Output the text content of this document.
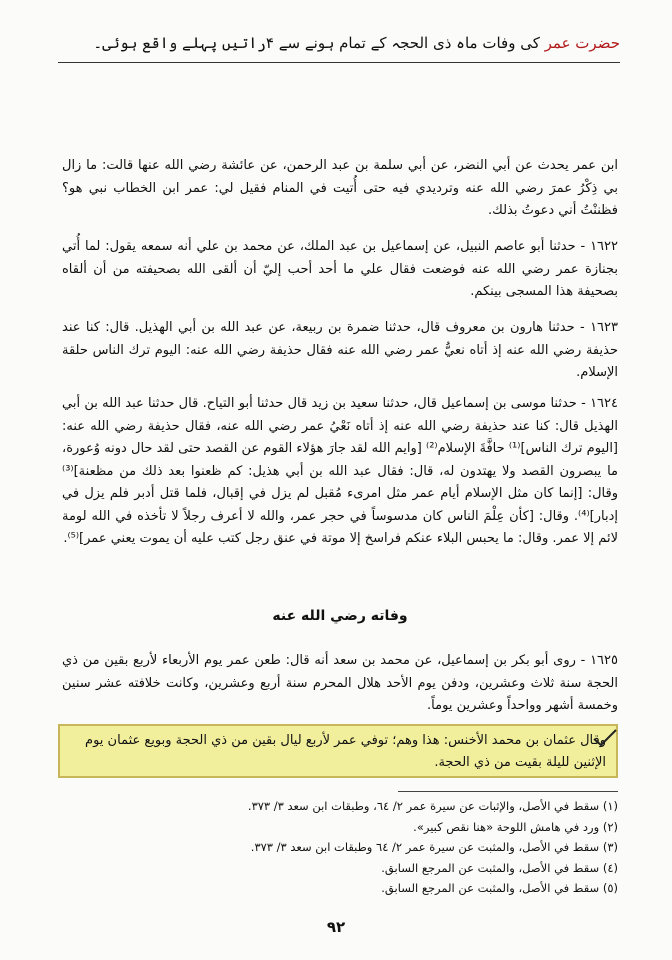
حضرت عمر کی وفات ماہ ذی الحجہ کے تمام ہونے سے ۴راتیں پہلے واقع ہوئی۔
ابن عمر يحدث عن أبي النضر، عن أبي سلمة بن عبد الرحمن، عن عائشة رضي الله عنها قالت: ما زال بي ذِكْرُ عمرَ رضي الله عنه وترديدي فيه حتى أُتيت في المنام فقيل لي: عمر ابن الخطاب نبي هو؟ فظننْتُ أني دعوتُ بذلك.
١٦٢٢ - حدثنا أبو عاصم النبيل، عن إسماعيل بن عبد الملك، عن محمد بن علي أنه سمعه يقول: لما أُتي بجنازة عمر رضي الله عنه فوضعت فقال علي ما أحد أحب إليّ أن ألقى الله بصحيفته من أن ألقاه بصحيفة هذا المسجى بينكم.
١٦٢٣ - حدثنا هارون بن معروف قال، حدثنا ضمرة بن ربيعة، عن عبد الله بن أبي الهذيل. قال: كنا عند حذيفة رضي الله عنه إذ أتاه نعيُّ عمر رضي الله عنه فقال حذيفة رضي الله عنه: اليوم ترك الناس حلقة الإسلام.
١٦٢٤ - حدثنا موسى بن إسماعيل قال، حدثنا سعيد بن زيد قال حدثنا أبو التياح. قال حدثنا عبد الله بن أبي الهذيل قال: كنا عند حذيفة رضي الله عنه إذ أتاه نَعْيُ عمر رضي الله عنه، فقال حذيفة رضي الله عنه: [اليوم ترك الناس]⁽¹⁾ حافَّةَ الإسلام⁽²⁾ [وايم الله لقد جارَ هؤلاء القوم عن القصد حتى لقد حال دونه وُعورة، ما يبصرون القصد ولا يهتدون له، قال: فقال عبد الله بن أبي هذيل: كم ظعنوا بعد ذلك من مظعنة]⁽³⁾ وقال: [إنما كان مثل الإسلام أيام عمر مثل امرىء مُقبل لم يزل في إقبال، فلما قتل أدبر فلم يزل في إدبار]⁽⁴⁾. وقال: [كأن عِلْمَ الناس كان مدسوساً في حجر عمر، والله لا أعرف رجلاً لا تأخذه في الله لومة لائم إلا عمر. وقال: ما يحبس البلاء عنكم فراسخ إلا موتة في عنق رجل كتب عليه أن يموت يعني عمر]⁽⁵⁾.
وفاته رضي الله عنه
١٦٢٥ - روى أبو بكر بن إسماعيل، عن محمد بن سعد أنه قال: طعن عمر يوم الأربعاء لأربع بقين من ذي الحجة سنة ثلاث وعشرين، ودفن يوم الأحد هلال المحرم سنة أربع وعشرين، وكانت خلافته عشر سنين وخمسة أشهر وواحداً وعشرين يوماً.
وقال عثمان بن محمد الأخنس: هذا وهم؛ توفي عمر لأربع ليال بقين من ذي الحجة وبويع عثمان يوم الإثنين لليلة بقيت من ذي الحجة.

(١) سقط في الأصل، والإثبات عن سيرة عمر ٢/ ٦٤، وطبقات ابن سعد ٣/ ٣٧٣.

(٢) ورد في هامش اللوحة «هنا نقص كبير».

(٣) سقط في الأصل، والمثبت عن سيرة عمر ٢/ ٦٤ وطبقات ابن سعد ٣/ ٣٧٣.

(٤) سقط في الأصل، والمثبت عن المرجع السابق.

(٥) سقط في الأصل، والمثبت عن المرجع السابق.

٩٢
